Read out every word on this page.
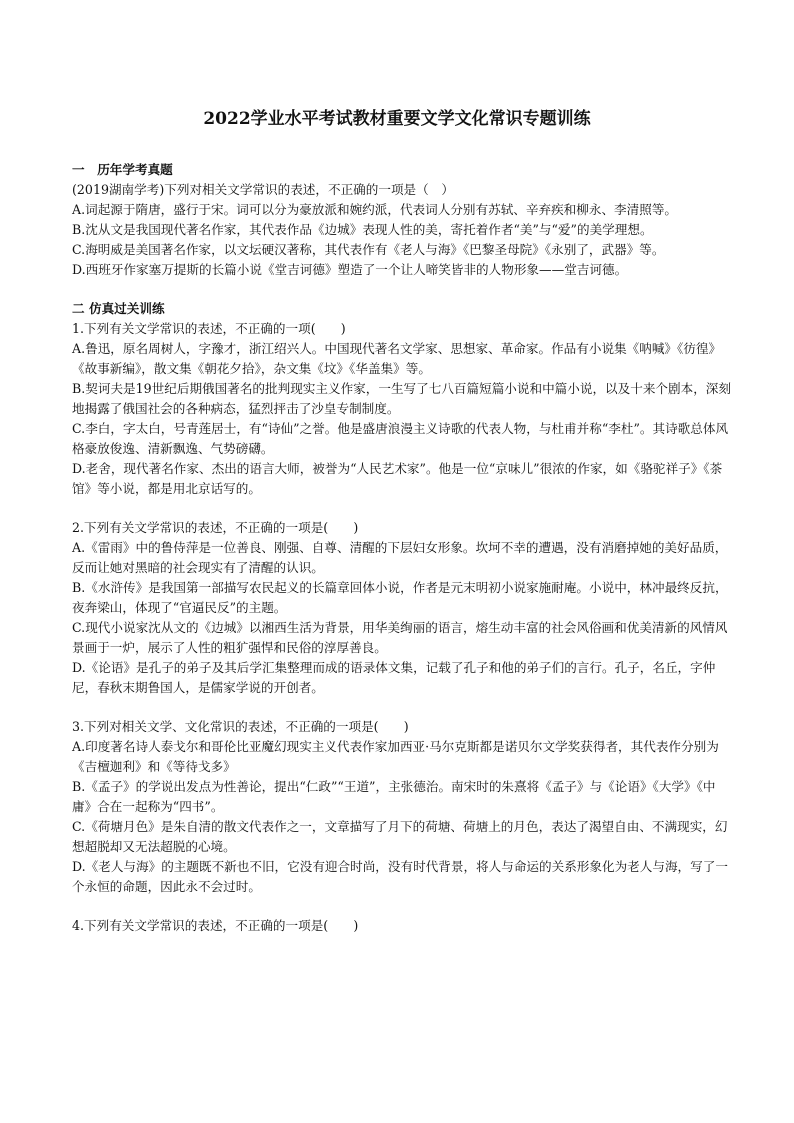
2022学业水平考试教材重要文学文化常识专题训练
一　历年学考真题
(2019湖南学考)下列对相关文学常识的表述，不正确的一项是（　）
A.词起源于隋唐，盛行于宋。词可以分为豪放派和婉约派，代表词人分别有苏轼、辛弃疾和柳永、李清照等。
B.沈从文是我国现代著名作家，其代表作品《边城》表现人性的美，寄托着作者“美”与“爱”的美学理想。
C.海明威是美国著名作家，以文坛硬汉著称，其代表作有《老人与海》《巴黎圣母院》《永别了，武器》等。
D.西班牙作家塞万提斯的长篇小说《堂吉诃德》塑造了一个让人啼笑皆非的人物形象——堂吉诃德。
二 仿真过关训练
1.下列有关文学常识的表述，不正确的一项(　　)
A.鲁迅，原名周树人，字豫才，浙江绍兴人。中国现代著名文学家、思想家、革命家。作品有小说集《呐喊》《彷徨》《故事新编》，散文集《朝花夕拾》，杂文集《坟》《华盖集》等。
B.契诃夫是19世纪后期俄国著名的批判现实主义作家，一生写了七八百篇短篇小说和中篇小说，以及十来个剧本，深刻地揭露了俄国社会的各种病态，猛烈抨击了沙皇专制制度。
C.李白，字太白，号青莲居士，有“诗仙”之誉。他是盛唐浪漫主义诗歌的代表人物，与杜甫并称“李杜”。其诗歌总体风格豪放俊逸、清新飘逸、气势磅礴。
D.老舍，现代著名作家、杰出的语言大师，被誉为“人民艺术家”。他是一位“京味儿”很浓的作家，如《骆驼祥子》《茶馆》等小说，都是用北京话写的。
2.下列有关文学常识的表述，不正确的一项是(　　)
A.《雷雨》中的鲁侍萍是一位善良、刚强、自尊、清醒的下层妇女形象。坎坷不幸的遭遇，没有消磨掉她的美好品质，反而让她对黑暗的社会现实有了清醒的认识。
B.《水浒传》是我国第一部描写农民起义的长篇章回体小说，作者是元末明初小说家施耐庵。小说中，林冲最终反抗，夜奔梁山，体现了“官逼民反”的主题。
C.现代小说家沈从文的《边城》以湘西生活为背景，用华美绚丽的语言，熔生动丰富的社会风俗画和优美清新的风情风景画于一炉，展示了人性的粗犷强悍和民俗的淳厚善良。
D.《论语》是孔子的弟子及其后学汇集整理而成的语录体文集，记载了孔子和他的弟子们的言行。孔子，名丘，字仲尼，春秋末期鲁国人，是儒家学说的开创者。
3.下列对相关文学、文化常识的表述，不正确的一项是(　　)
A.印度著名诗人泰戈尔和哥伦比亚魔幻现实主义代表作家加西亚·马尔克斯都是诺贝尔文学奖获得者，其代表作分别为《吉檀迦利》和《等待戈多》
B.《孟子》的学说出发点为性善论，提出“仁政”“王道”，主张德治。南宋时的朱熹将《孟子》与《论语》《大学》《中庸》合在一起称为“四书”。
C.《荷塘月色》是朱自清的散文代表作之一，文章描写了月下的荷塘、荷塘上的月色，表达了渴望自由、不满现实，幻想超脱却又无法超脱的心境。
D.《老人与海》的主题既不新也不旧，它没有迎合时尚，没有时代背景，将人与命运的关系形象化为老人与海，写了一个永恒的命题，因此永不会过时。
4.下列有关文学常识的表述，不正确的一项是(　　)
